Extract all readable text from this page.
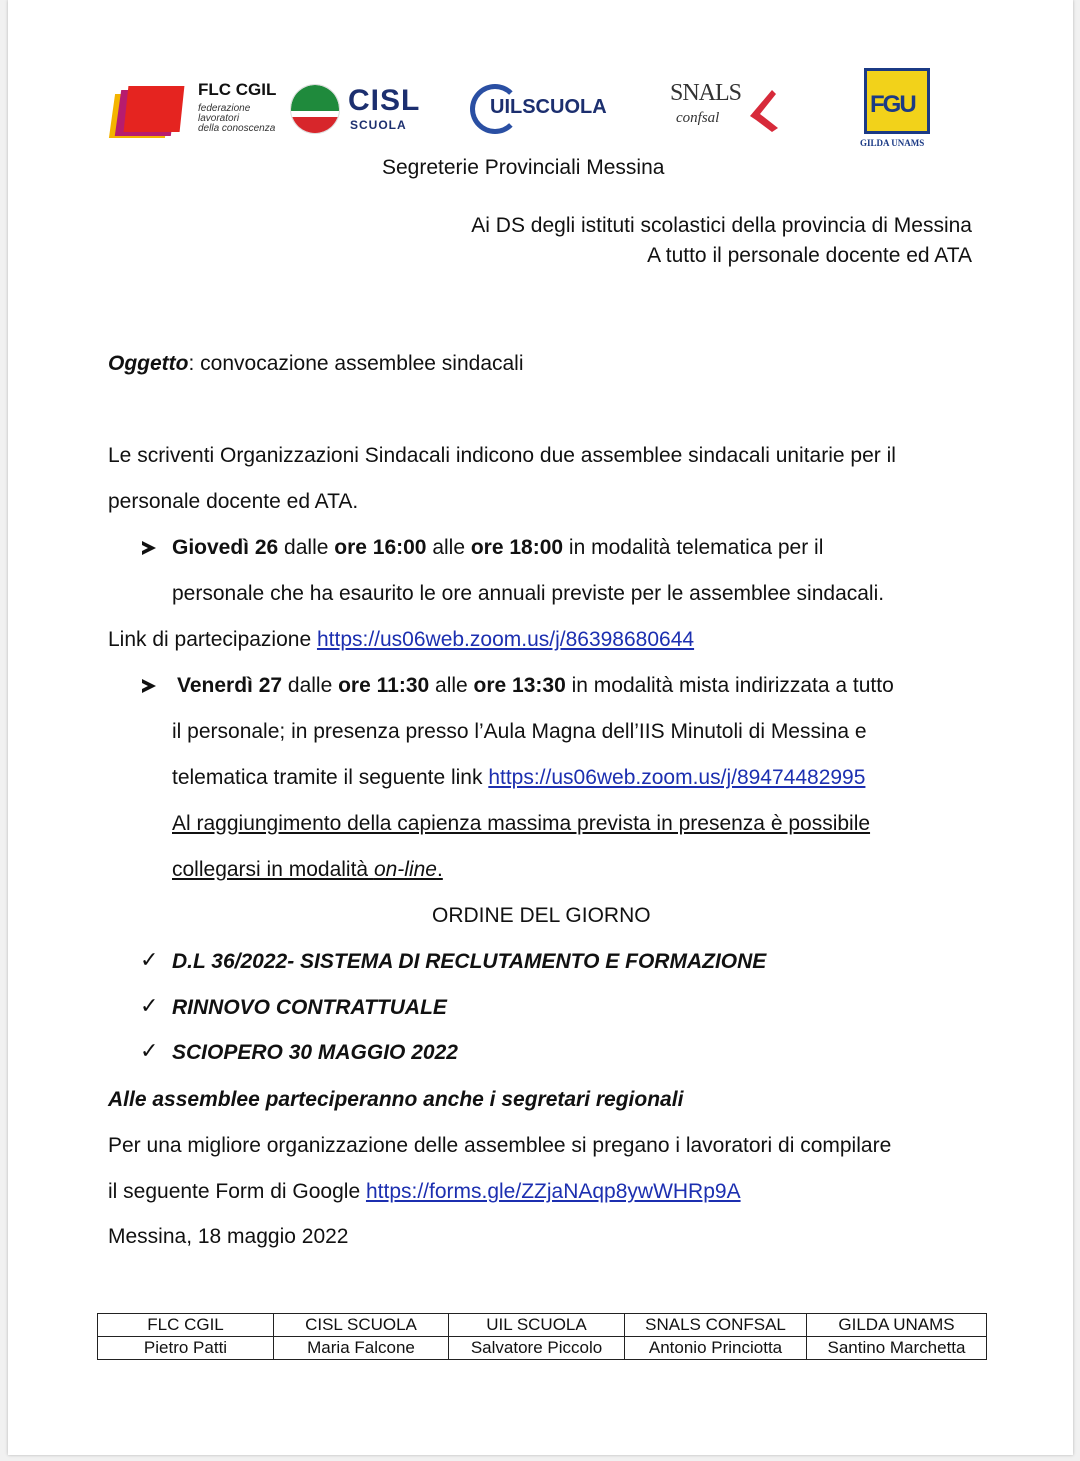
FLC CGIL
federazione
lavoratori
della conoscenza
CISL
SCUOLA
UILSCUOLA
SNALS
confsal	FGU
GILDA UNAMS
Segreterie Provinciali Messina
Ai DS degli istituti scolastici della provincia di Messina
A tutto il personale docente ed ATA
Oggetto: convocazione assemblee sindacali
Le scriventi Organizzazioni Sindacali indicono due assemblee sindacali unitarie per il
personale docente ed ATA.
Giovedì 26 dalle ore 16:00 alle ore 18:00 in modalità telematica per il
personale che ha esaurito le ore annuali previste per le assemblee sindacali.
Link di partecipazione https://us06web.zoom.us/j/86398680644
Venerdì 27 dalle ore 11:30 alle ore 13:30 in modalità mista indirizzata a tutto
il personale; in presenza presso l’Aula Magna dell’IIS Minutoli di Messina e
telematica tramite il seguente link https://us06web.zoom.us/j/89474482995
Al raggiungimento della capienza massima prevista in presenza è possibile
collegarsi in modalità on-line.
ORDINE DEL GIORNO
✓ D.L 36/2022- SISTEMA DI RECLUTAMENTO E FORMAZIONE
✓ RINNOVO CONTRATTUALE
✓ SCIOPERO 30 MAGGIO 2022
Alle assemblee parteciperanno anche i segretari regionali
Per una migliore organizzazione delle assemblee si pregano i lavoratori di compilare
il seguente Form di Google https://forms.gle/ZZjaNAqp8ywWHRp9A
Messina, 18 maggio 2022
FLC CGIL	CISL SCUOLA	UIL SCUOLA	SNALS CONFSAL	GILDA UNAMS
Pietro Patti	Maria Falcone	Salvatore Piccolo	Antonio Princiotta	Santino Marchetta
